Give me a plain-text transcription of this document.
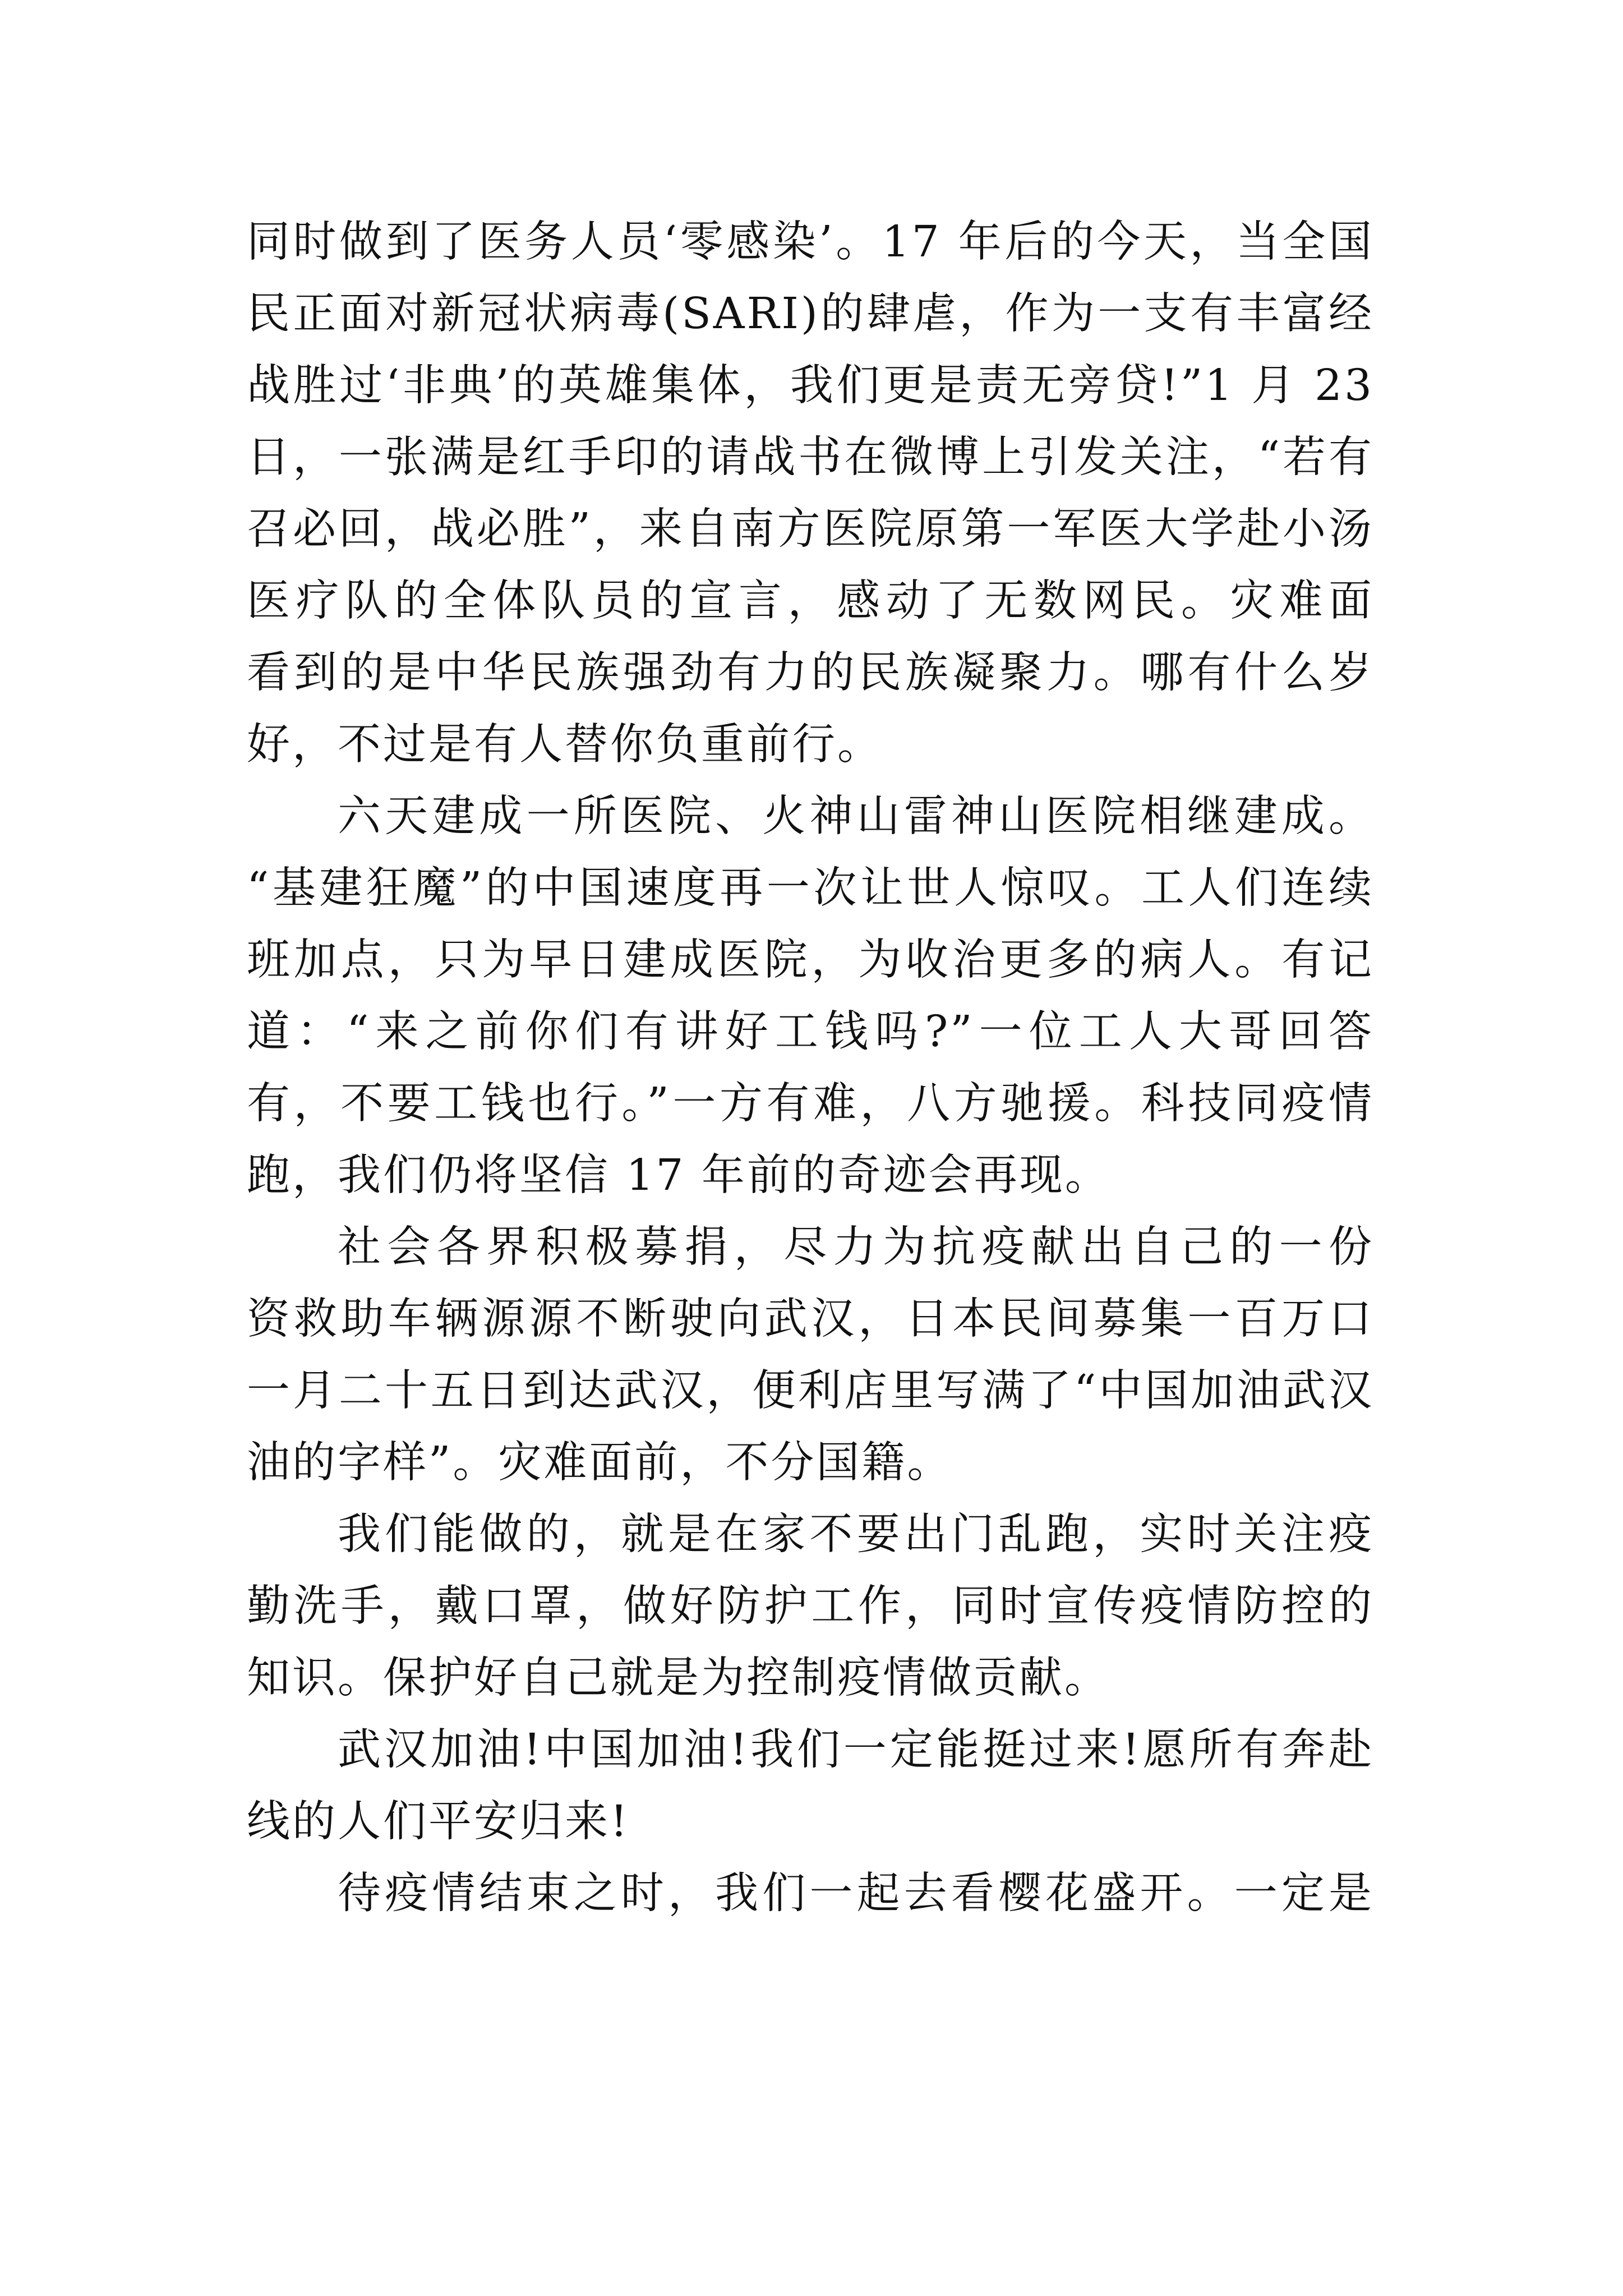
同时做到了医务人员‘零感染’。17 年后的今天，当全国
民正面对新冠状病毒(SARI)的肆虐，作为一支有丰富经
战胜过‘非典’的英雄集体，我们更是责无旁贷!”1 月 23
日，一张满是红手印的请战书在微博上引发关注，“若有
召必回，战必胜”，来自南方医院原第一军医大学赴小汤
医疗队的全体队员的宣言，感动了无数网民。灾难面
看到的是中华民族强劲有力的民族凝聚力。哪有什么岁
好，不过是有人替你负重前行。
六天建成一所医院、火神山雷神山医院相继建成。
“基建狂魔”的中国速度再一次让世人惊叹。工人们连续
班加点，只为早日建成医院，为收治更多的病人。有记
道：“来之前你们有讲好工钱吗?”一位工人大哥回答
有，不要工钱也行。”一方有难，八方驰援。科技同疫情
跑，我们仍将坚信 17 年前的奇迹会再现。
社会各界积极募捐，尽力为抗疫献出自己的一份
资救助车辆源源不断驶向武汉，日本民间募集一百万口
一月二十五日到达武汉，便利店里写满了“中国加油武汉
油的字样”。灾难面前，不分国籍。
我们能做的，就是在家不要出门乱跑，实时关注疫
勤洗手，戴口罩，做好防护工作，同时宣传疫情防控的
知识。保护好自己就是为控制疫情做贡献。
武汉加油!中国加油!我们一定能挺过来!愿所有奔赴
线的人们平安归来!
待疫情结束之时，我们一起去看樱花盛开。一定是
